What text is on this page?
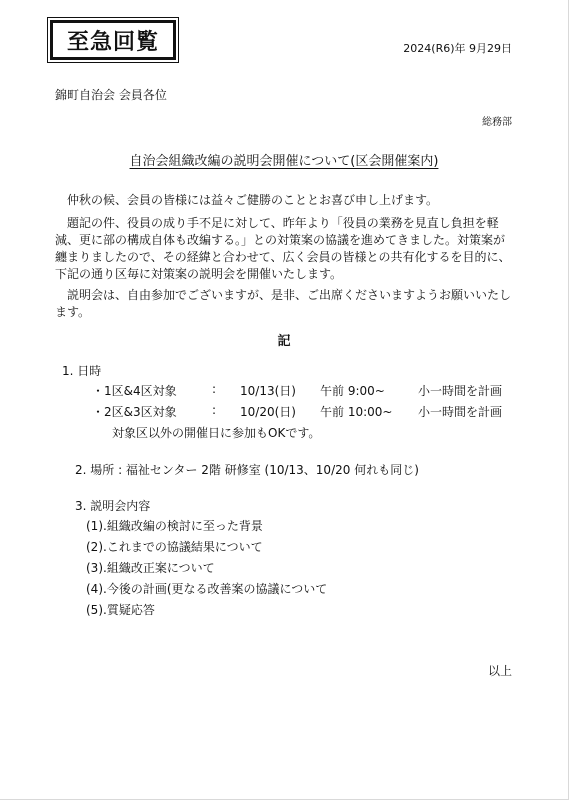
至急回覧	2024(R6)年 9月29日
錦町自治会 会員各位
総務部
自治会組織改編の説明会開催について(区会開催案内)

仲秋の候、会員の皆様には益々ご健勝のこととお喜び申し上げます。

題記の件、役員の成り手不足に対して、昨年より「役員の業務を見直し負担を軽減、更に部の構成自体も改編する。」との対策案の協議を進めてきました。対策案が纏まりましたので、その経緯と合わせて、広く会員の皆様との共有化するを目的に、下記の通り区毎に対策案の説明会を開催いたします。

説明会は、自由参加でございますが、是非、ご出席くださいますようお願いいたします。

記
1. 日時
・1区&4区対象	: 10/13(日) 午前 9:00~	小一時間を計画
・2区&3区対象	: 10/20(日) 午前 10:00~ 小一時間を計画
対象区以外の開催日に参加もOKです。
2. 場所 : 福祉センター 2階 研修室 (10/13、10/20 何れも同じ)
3. 説明会内容
(1).組織改編の検討に至った背景
(2).これまでの協議結果について
(3).組織改正案について
(4).今後の計画(更なる改善案の協議について
(5).質疑応答
以上
